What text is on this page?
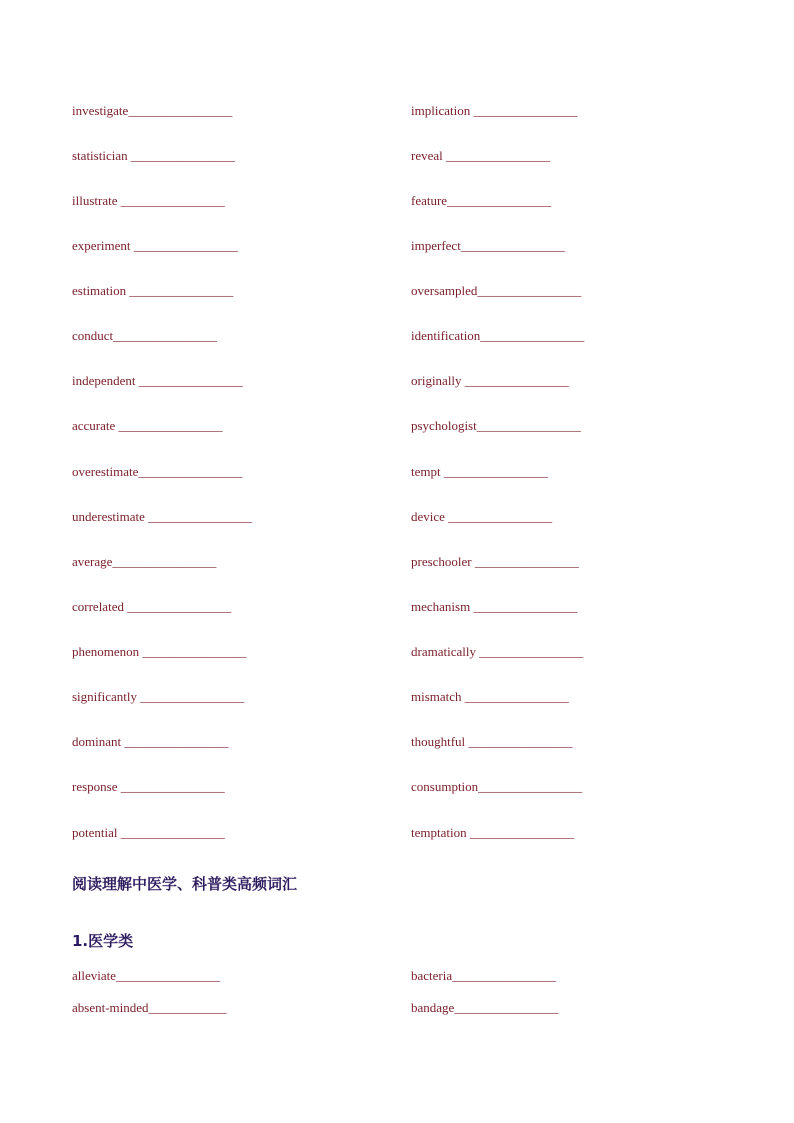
investigate________________	implication ________________
statistician ________________	reveal ________________
illustrate ________________	feature________________
experiment ________________	imperfect________________
estimation ________________	oversampled________________
conduct________________	identification________________
independent ________________	originally ________________
accurate ________________	psychologist________________
overestimate________________	tempt ________________
underestimate ________________	device ________________
average________________	preschooler ________________
correlated ________________	mechanism ________________
phenomenon ________________	dramatically ________________
significantly ________________	mismatch ________________
dominant ________________	thoughtful ________________
response ________________	consumption________________
potential ________________	temptation ________________
阅读理解中医学、科普类高频词汇
1.医学类
alleviate________________	bacteria________________
absent-minded____________	bandage________________
